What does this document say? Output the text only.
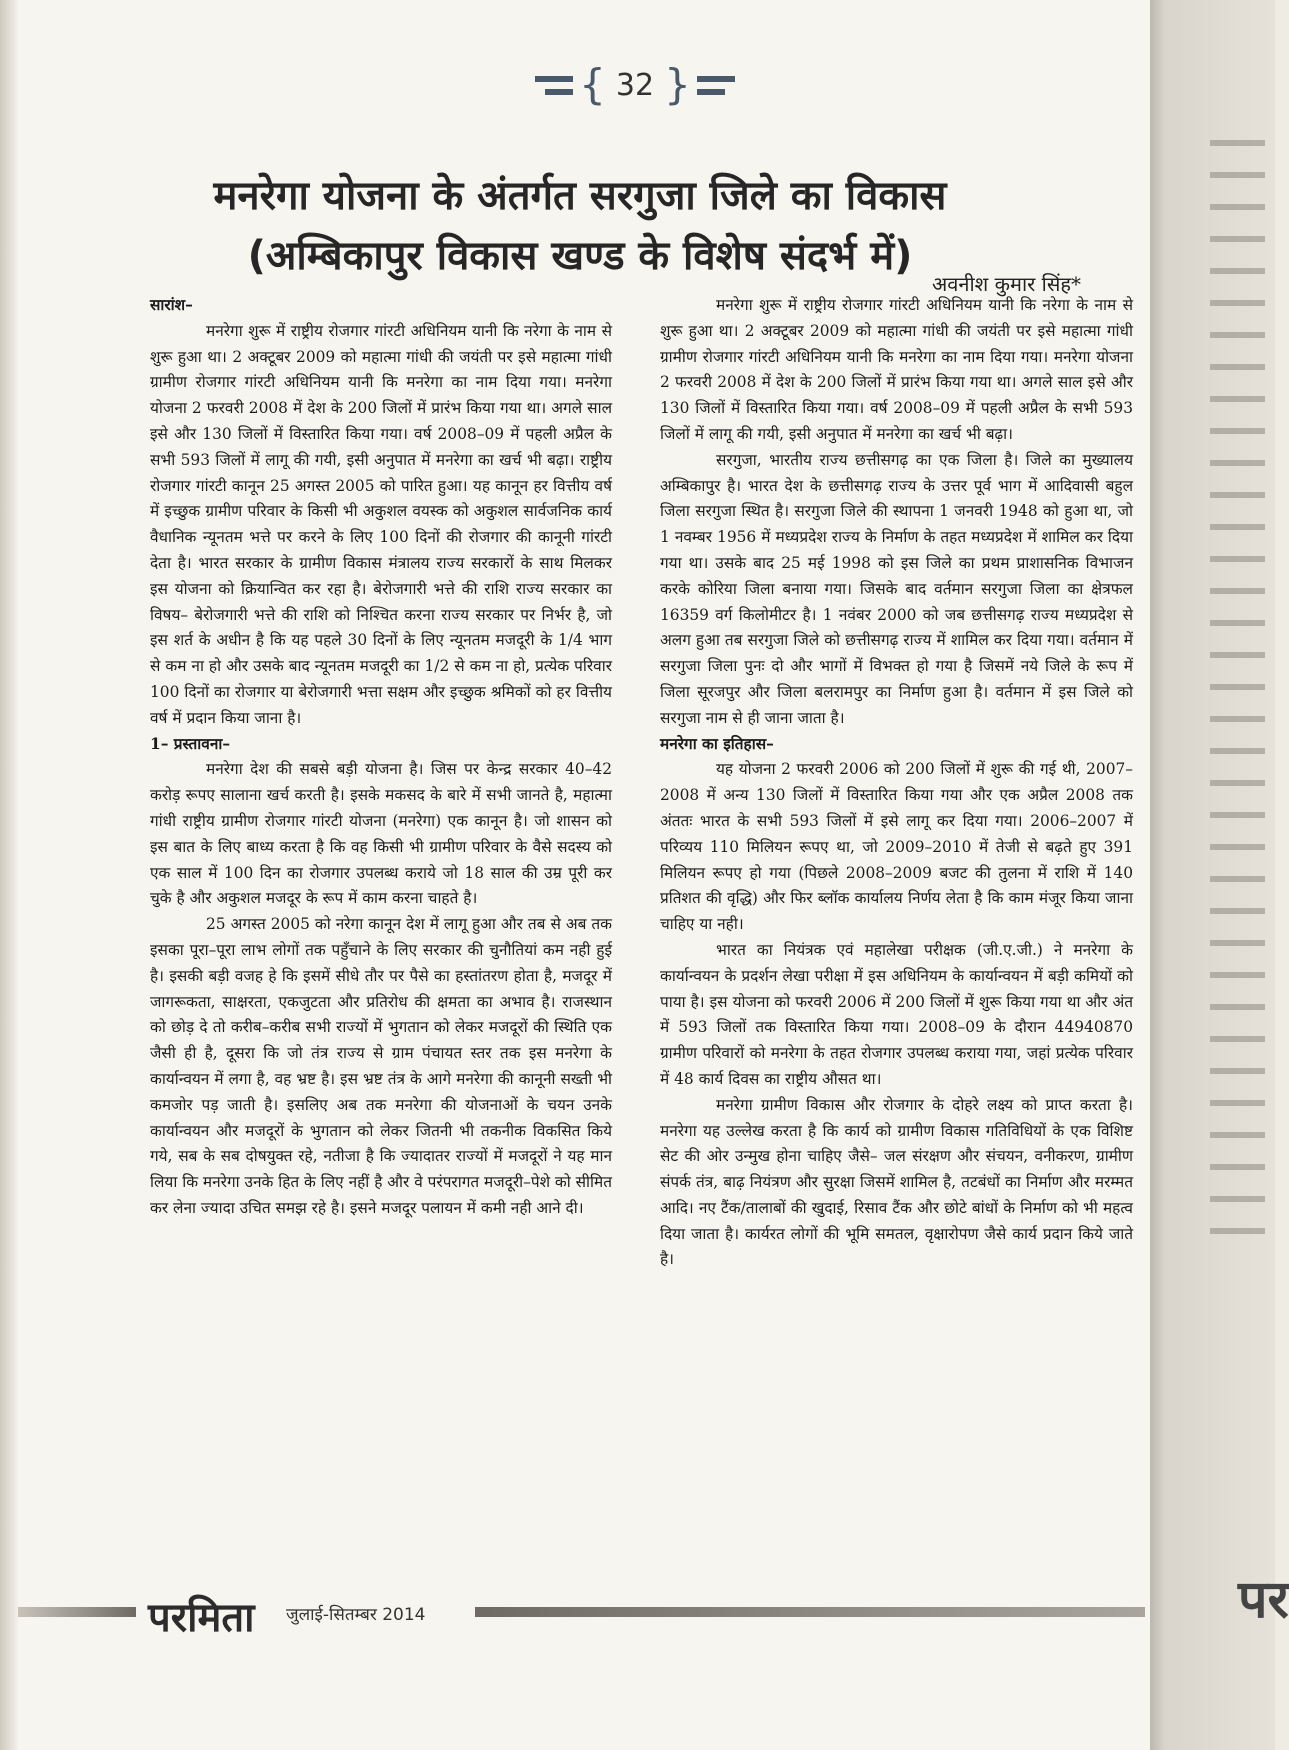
{ 32 }
मनरेगा योजना के अंतर्गत सरगुजा जिले का विकास
(अम्बिकापुर विकास खण्ड के विशेष संदर्भ में)
अवनीश कुमार सिंह*
सारांश–

मनरेगा शुरू में राष्ट्रीय रोजगार गांरटी अधिनियम यानी कि नरेगा के नाम से शुरू हुआ था। 2 अक्टूबर 2009 को महात्मा गांधी की जयंती पर इसे महात्मा गांधी ग्रामीण रोजगार गांरटी अधिनियम यानी कि मनरेगा का नाम दिया गया। मनरेगा योजना 2 फरवरी 2008 में देश के 200 जिलों में प्रारंभ किया गया था। अगले साल इसे और 130 जिलों में विस्तारित किया गया। वर्ष 2008–09 में पहली अप्रैल के सभी 593 जिलों में लागू की गयी, इसी अनुपात में मनरेगा का खर्च भी बढ़ा। राष्ट्रीय रोजगार गांरटी कानून 25 अगस्त 2005 को पारित हुआ। यह कानून हर वित्तीय वर्ष में इच्छुक ग्रामीण परिवार के किसी भी अकुशल वयस्क को अकुशल सार्वजनिक कार्य वैधानिक न्यूनतम भत्ते पर करने के लिए 100 दिनों की रोजगार की कानूनी गांरटी देता है। भारत सरकार के ग्रामीण विकास मंत्रालय राज्य सरकारों के साथ मिलकर इस योजना को क्रियान्वित कर रहा है। बेरोजगारी भत्ते की राशि राज्य सरकार का विषय– बेरोजगारी भत्ते की राशि को निश्चित करना राज्य सरकार पर निर्भर है, जो इस शर्त के अधीन है कि यह पहले 30 दिनों के लिए न्यूनतम मजदूरी के 1/4 भाग से कम ना हो और उसके बाद न्यूनतम मजदूरी का 1/2 से कम ना हो, प्रत्येक परिवार 100 दिनों का रोजगार या बेरोजगारी भत्ता सक्षम और इच्छुक श्रमिकों को हर वित्तीय वर्ष में प्रदान किया जाना है।

1– प्रस्तावना–

मनरेगा देश की सबसे बड़ी योजना है। जिस पर केन्द्र सरकार 40–42 करोड़ रूपए सालाना खर्च करती है। इसके मकसद के बारे में सभी जानते है, महात्मा गांधी राष्ट्रीय ग्रामीण रोजगार गांरटी योजना (मनरेगा) एक कानून है। जो शासन को इस बात के लिए बाध्य करता है कि वह किसी भी ग्रामीण परिवार के वैसे सदस्य को एक साल में 100 दिन का रोजगार उपलब्ध कराये जो 18 साल की उम्र पूरी कर चुके है और अकुशल मजदूर के रूप में काम करना चाहते है।

25 अगस्त 2005 को नरेगा कानून देश में लागू हुआ और तब से अब तक इसका पूरा–पूरा लाभ लोगों तक पहुँचाने के लिए सरकार की चुनौतियां कम नही हुई है। इसकी बड़ी वजह हे कि इसमें सीधे तौर पर पैसे का हस्तांतरण होता है, मजदूर में जागरूकता, साक्षरता, एकजुटता और प्रतिरोध की क्षमता का अभाव है। राजस्थान को छोड़ दे तो करीब–करीब सभी राज्यों में भुगतान को लेकर मजदूरों की स्थिति एक जैसी ही है, दूसरा कि जो तंत्र राज्य से ग्राम पंचायत स्तर तक इस मनरेगा के कार्यान्वयन में लगा है, वह भ्रष्ट है। इस भ्रष्ट तंत्र के आगे मनरेगा की कानूनी सख्ती भी कमजोर पड़ जाती है। इसलिए अब तक मनरेगा की योजनाओं के चयन उनके कार्यान्वयन और मजदूरों के भुगतान को लेकर जितनी भी तकनीक विकसित किये गये, सब के सब दोषयुक्त रहे, नतीजा है कि ज्यादातर राज्यों में मजदूरों ने यह मान लिया कि मनरेगा उनके हित के लिए नहीं है और वे परंपरागत मजदूरी–पेशे को सीमित कर लेना ज्यादा उचित समझ रहे है। इसने मजदूर पलायन में कमी नही आने दी।

मनरेगा शुरू में राष्ट्रीय रोजगार गांरटी अधिनियम यानी कि नरेगा के नाम से शुरू हुआ था। 2 अक्टूबर 2009 को महात्मा गांधी की जयंती पर इसे महात्मा गांधी ग्रामीण रोजगार गांरटी अधिनियम यानी कि मनरेगा का नाम दिया गया। मनरेगा योजना 2 फरवरी 2008 में देश के 200 जिलों में प्रारंभ किया गया था। अगले साल इसे और 130 जिलों में विस्तारित किया गया। वर्ष 2008–09 में पहली अप्रैल के सभी 593 जिलों में लागू की गयी, इसी अनुपात में मनरेगा का खर्च भी बढ़ा।

सरगुजा, भारतीय राज्य छत्तीसगढ़ का एक जिला है। जिले का मुख्यालय अम्बिकापुर है। भारत देश के छत्तीसगढ़ राज्य के उत्तर पूर्व भाग में आदिवासी बहुल जिला सरगुजा स्थित है। सरगुजा जिले की स्थापना 1 जनवरी 1948 को हुआ था, जो 1 नवम्बर 1956 में मध्यप्रदेश राज्य के निर्माण के तहत मध्यप्रदेश में शामिल कर दिया गया था। उसके बाद 25 मई 1998 को इस जिले का प्रथम प्राशासनिक विभाजन करके कोरिया जिला बनाया गया। जिसके बाद वर्तमान सरगुजा जिला का क्षेत्रफल 16359 वर्ग किलोमीटर है। 1 नवंबर 2000 को जब छत्तीसगढ़ राज्य मध्यप्रदेश से अलग हुआ तब सरगुजा जिले को छत्तीसगढ़ राज्य में शामिल कर दिया गया। वर्तमान में सरगुजा जिला पुनः दो और भागों में विभक्त हो गया है जिसमें नये जिले के रूप में जिला सूरजपुर और जिला बलरामपुर का निर्माण हुआ है। वर्तमान में इस जिले को सरगुजा नाम से ही जाना जाता है।

मनरेगा का इतिहास–

यह योजना 2 फरवरी 2006 को 200 जिलों में शुरू की गई थी, 2007–2008 में अन्य 130 जिलों में विस्तारित किया गया और एक अप्रैल 2008 तक अंततः भारत के सभी 593 जिलों में इसे लागू कर दिया गया। 2006–2007 में परिव्यय 110 मिलियन रूपए था, जो 2009–2010 में तेजी से बढ़ते हुए 391 मिलियन रूपए हो गया (पिछले 2008–2009 बजट की तुलना में राशि में 140 प्रतिशत की वृद्धि) और फिर ब्लॉक कार्यालय निर्णय लेता है कि काम मंजूर किया जाना चाहिए या नही।

भारत का नियंत्रक एवं महालेखा परीक्षक (जी.ए.जी.) ने मनरेगा के कार्यान्वयन के प्रदर्शन लेखा परीक्षा में इस अधिनियम के कार्यान्वयन में बड़ी कमियों को पाया है। इस योजना को फरवरी 2006 में 200 जिलों में शुरू किया गया था और अंत में 593 जिलों तक विस्तारित किया गया। 2008–09 के दौरान 44940870 ग्रामीण परिवारों को मनरेगा के तहत रोजगार उपलब्ध कराया गया, जहां प्रत्येक परिवार में 48 कार्य दिवस का राष्ट्रीय औसत था।

मनरेगा ग्रामीण विकास और रोजगार के दोहरे लक्ष्य को प्राप्त करता है। मनरेगा यह उल्लेख करता है कि कार्य को ग्रामीण विकास गतिविधियों के एक विशिष्ट सेट की ओर उन्मुख होना चाहिए जैसे– जल संरक्षण और संचयन, वनीकरण, ग्रामीण संपर्क तंत्र, बाढ़ नियंत्रण और सुरक्षा जिसमें शामिल है, तटबंधों का निर्माण और मरम्मत आदि। नए टैंक/तालाबों की खुदाई, रिसाव टैंक और छोटे बांधों के निर्माण को भी महत्व दिया जाता है। कार्यरत लोगों की भूमि समतल, वृक्षारोपण जैसे कार्य प्रदान किये जाते है।

परमिता जुलाई-सितम्बर 2014	पर
